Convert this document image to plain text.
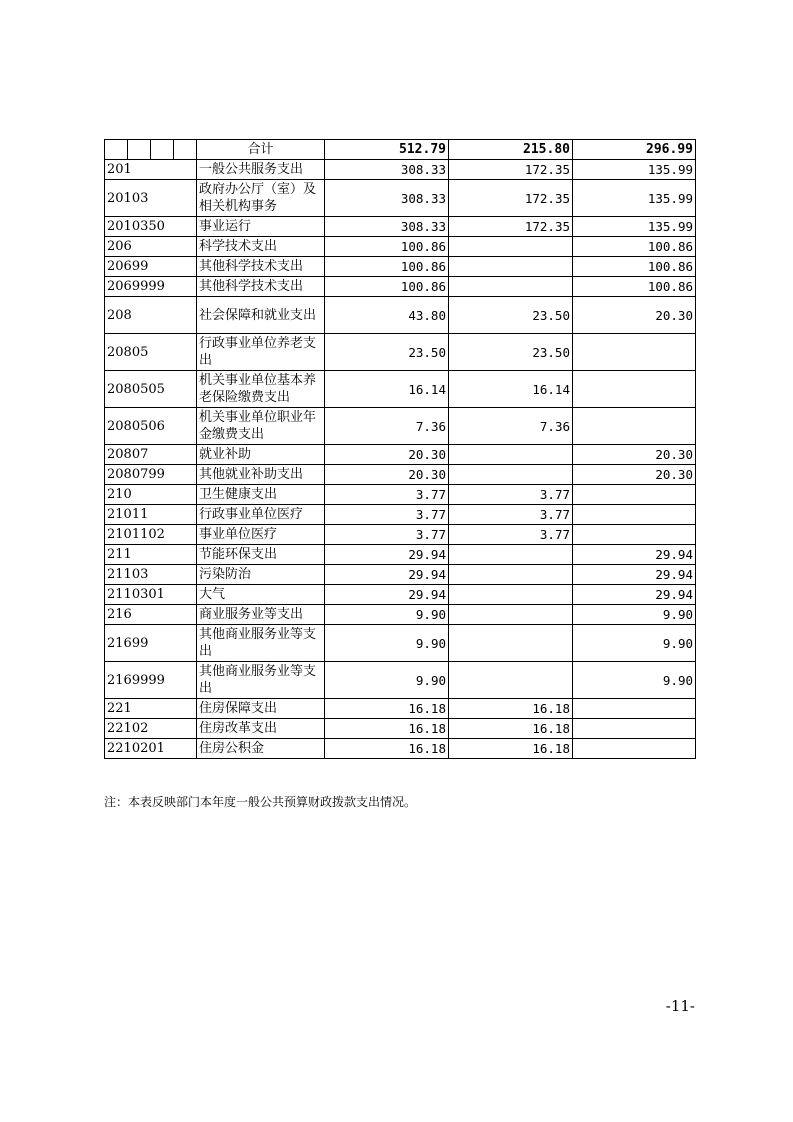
	合计	512.79	215.80	296.99
201	一般公共服务支出	308.33	172.35	135.99
20103	政府办公厅（室）及相关机构事务	308.33	172.35	135.99
2010350	事业运行	308.33	172.35	135.99
206	科学技术支出	100.86		100.86
20699	其他科学技术支出	100.86		100.86
2069999	其他科学技术支出	100.86		100.86
208	社会保障和就业支出	43.80	23.50	20.30
20805	行政事业单位养老支出	23.50	23.50	
2080505	机关事业单位基本养老保险缴费支出	16.14	16.14	
2080506	机关事业单位职业年金缴费支出	7.36	7.36	
20807	就业补助	20.30		20.30
2080799	其他就业补助支出	20.30		20.30
210	卫生健康支出	3.77	3.77	
21011	行政事业单位医疗	3.77	3.77	
2101102	事业单位医疗	3.77	3.77	
211	节能环保支出	29.94		29.94
21103	污染防治	29.94		29.94
2110301	大气	29.94		29.94
216	商业服务业等支出	9.90		9.90
21699	其他商业服务业等支出	9.90		9.90
2169999	其他商业服务业等支出	9.90		9.90
221	住房保障支出	16.18	16.18	
22102	住房改革支出	16.18	16.18	
2210201	住房公积金	16.18	16.18	
注：本表反映部门本年度一般公共预算财政拨款支出情况。
-11-
